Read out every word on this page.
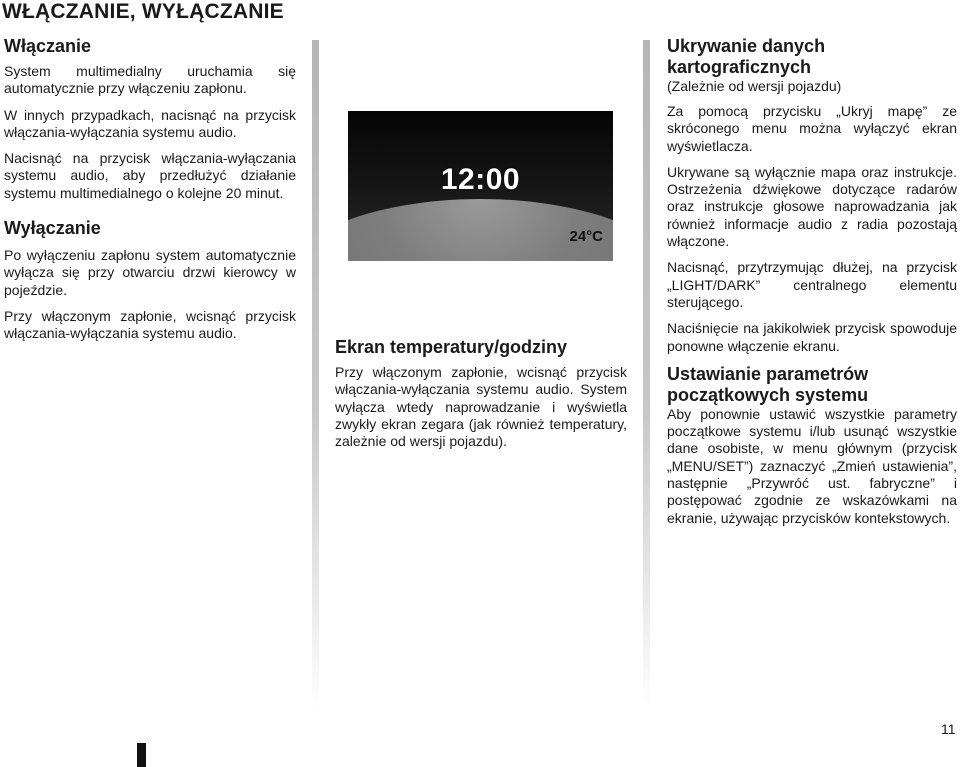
WŁĄCZANIE, WYŁĄCZANIE
Włączanie

System multimedialny uruchamia się automatycznie przy włączeniu zapłonu.

W innych przypadkach, nacisnąć na przycisk włączania-wyłączania systemu audio.

Nacisnąć na przycisk włączania-wyłączania systemu audio, aby przedłużyć działanie systemu multimedialnego o kolejne 20 minut.

Wyłączanie

Po wyłączeniu zapłonu system automatycznie wyłącza się przy otwarciu drzwi kierowcy w pojeździe.

Przy włączonym zapłonie, wcisnąć przycisk włączania-wyłączania systemu audio.

12:00
24°C
Ekran temperatury/godziny

Przy włączonym zapłonie, wcisnąć przycisk włączania-wyłączania systemu audio. System wyłącza wtedy naprowadzanie i wyświetla zwykły ekran zegara (jak również temperatury, zależnie od wersji pojazdu).

Ukrywanie danych kartograficznych

(Zależnie od wersji pojazdu)

Za pomocą przycisku „Ukryj mapę” ze skróconego menu można wyłączyć ekran wyświetlacza.

Ukrywane są wyłącznie mapa oraz instrukcje. Ostrzeżenia dźwiękowe dotyczące radarów oraz instrukcje głosowe naprowadzania jak również informacje audio z radia pozostają włączone.

Nacisnąć, przytrzymując dłużej, na przycisk „LIGHT/DARK” centralnego elementu sterującego.

Naciśnięcie na jakikolwiek przycisk spowoduje ponowne włączenie ekranu.

Ustawianie parametrów początkowych systemu

Aby ponownie ustawić wszystkie parametry początkowe systemu i/lub usunąć wszystkie dane osobiste, w menu głównym (przycisk „MENU/SET”) zaznaczyć „Zmień ustawienia”, następnie „Przywróć ust. fabryczne” i postępować zgodnie ze wskazówkami na ekranie, używając przycisków kontekstowych.

11
